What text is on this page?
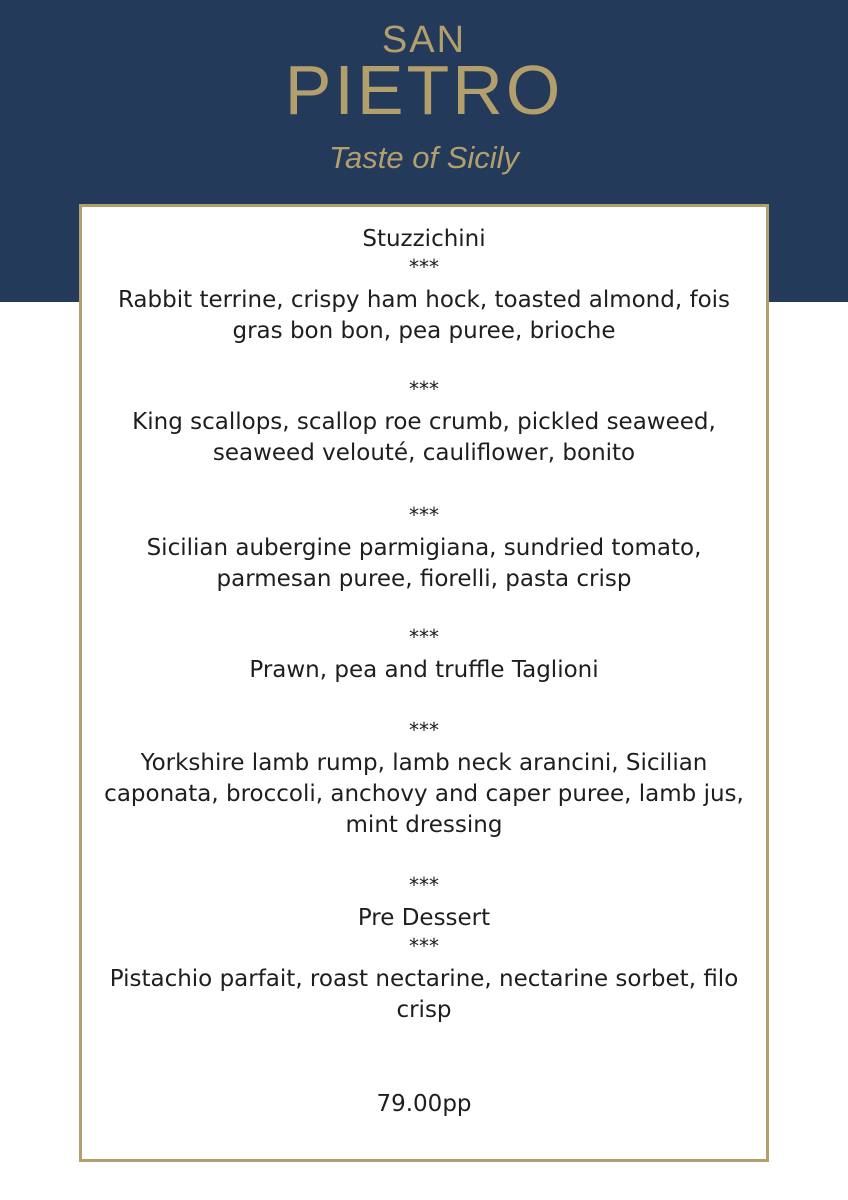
SAN
PIETRO
Taste of Sicily

Stuzzichini

***

Rabbit terrine, crispy ham hock, toasted almond, fois gras bon bon, pea puree, brioche

***

King scallops, scallop roe crumb, pickled seaweed, seaweed velouté, cauliflower, bonito

***

Sicilian aubergine parmigiana, sundried tomato, parmesan puree, fiorelli, pasta crisp

***

Prawn, pea and truffle Taglioni

***

Yorkshire lamb rump, lamb neck arancini, Sicilian caponata, broccoli, anchovy and caper puree, lamb jus, mint dressing

***

Pre Dessert

***

Pistachio parfait, roast nectarine, nectarine sorbet, filo crisp

79.00pp
